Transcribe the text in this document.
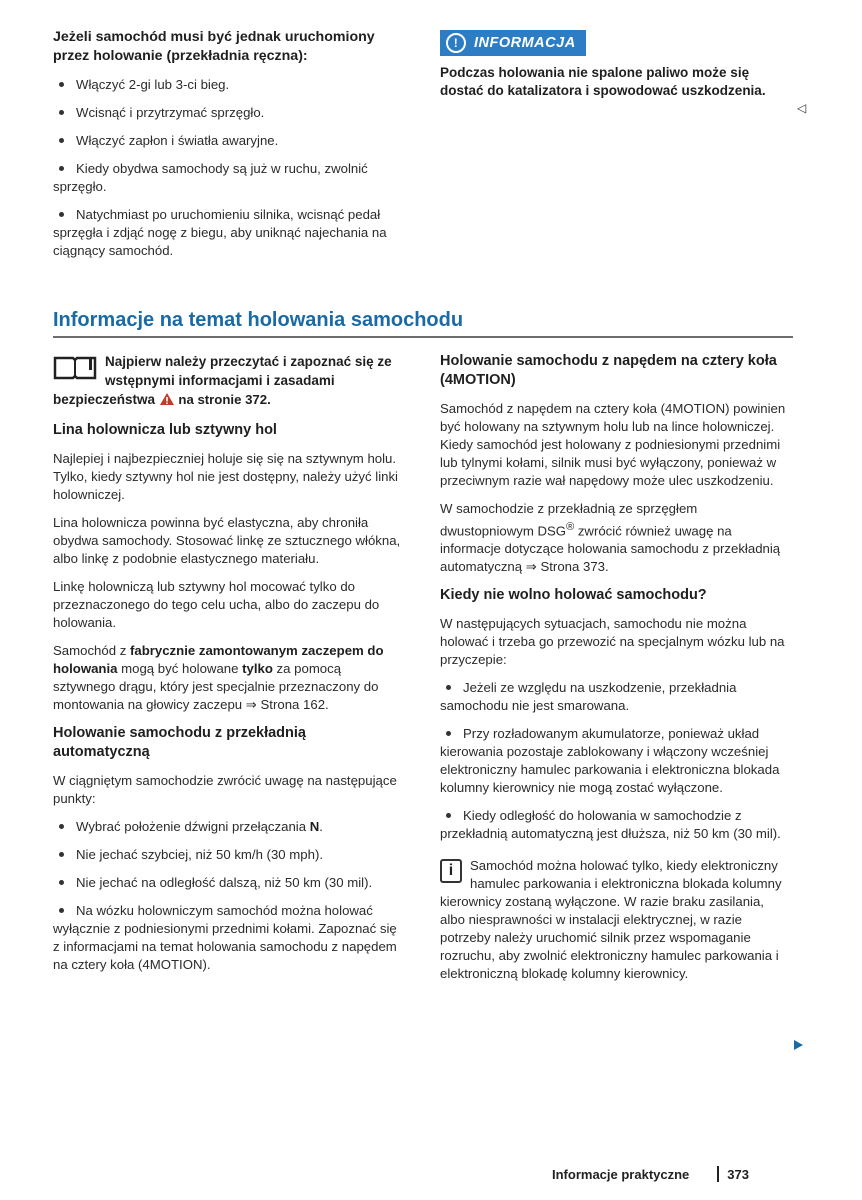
Jeżeli samochód musi być jednak uruchomiony przez holowanie (przekładnia ręczna):

Włączyć 2-gi lub 3-ci bieg.

Wcisnąć i przytrzymać sprzęgło.

Włączyć zapłon i światła awaryjne.

Kiedy obydwa samochody są już w ruchu, zwolnić sprzęgło.

Natychmiast po uruchomieniu silnika, wcisnąć pedał sprzęgła i zdjąć nogę z biegu, aby uniknąć najechania na ciągnący samochód.

!	INFORMACJA

Podczas holowania nie spalone paliwo może się dostać do katalizatora i spowodować uszkodzenia.

◁
Informacje na temat holowania samochodu
Najpierw należy przeczytać i zapoznać się ze wstępnymi informacjami i zasadami bezpieczeństwa na stronie 372.

Lina holownicza lub sztywny hol

Najlepiej i najbezpieczniej holuje się się na sztywnym holu. Tylko, kiedy sztywny hol nie jest dostępny, należy użyć linki holowniczej.

Lina holownicza powinna być elastyczna, aby chroniła obydwa samochody. Stosować linkę ze sztucznego włókna, albo linkę z podobnie elastycznego materiału.

Linkę holowniczą lub sztywny hol mocować tylko do przeznaczonego do tego celu ucha, albo do zaczepu do holowania.

Samochód z fabrycznie zamontowanym zaczepem do holowania mogą być holowane tylko za pomocą sztywnego drągu, który jest specjalnie przeznaczony do montowania na głowicy zaczepu ⇒ Strona 162.

Holowanie samochodu z przekładnią automatyczną

W ciągniętym samochodzie zwrócić uwagę na następujące punkty:

Wybrać położenie dźwigni przełączania N.

Nie jechać szybciej, niż 50 km/h (30 mph).

Nie jechać na odległość dalszą, niż 50 km (30 mil).

Na wózku holowniczym samochód można holować wyłącznie z podniesionymi przednimi kołami. Zapoznać się z informacjami na temat holowania samochodu z napędem na cztery koła (4MOTION).

Holowanie samochodu z napędem na cztery koła (4MOTION)

Samochód z napędem na cztery koła (4MOTION) powinien być holowany na sztywnym holu lub na lince holowniczej. Kiedy samochód jest holowany z podniesionymi przednimi lub tylnymi kołami, silnik musi być wyłączony, ponieważ w przeciwnym razie wał napędowy może ulec uszkodzeniu.

W samochodzie z przekładnią ze sprzęgłem dwustopniowym DSG® zwrócić również uwagę na informacje dotyczące holowania samochodu z przekładnią automatyczną ⇒ Strona 373.

Kiedy nie wolno holować samochodu?

W następujących sytuacjach, samochodu nie można holować i trzeba go przewozić na specjalnym wózku lub na przyczepie:

Jeżeli ze względu na uszkodzenie, przekładnia samochodu nie jest smarowana.

Przy rozładowanym akumulatorze, ponieważ układ kierowania pozostaje zablokowany i włączony wcześniej elektroniczny hamulec parkowania i elektroniczna blokada kolumny kierownicy nie mogą zostać wyłączone.

Kiedy odległość do holowania w samochodzie z przekładnią automatyczną jest dłuższa, niż 50 km (30 mil).

i	Samochód można holować tylko, kiedy elektroniczny hamulec parkowania i elektroniczna blokada kolumny kierownicy zostaną wyłączone. W razie braku zasilania, albo niesprawności w instalacji elektrycznej, w razie potrzeby należy uruchomić silnik przez wspomaganie rozruchu, aby zwolnić elektroniczny hamulec parkowania i elektroniczną blokadę kolumny kierownicy.
Informacje praktyczne	373
